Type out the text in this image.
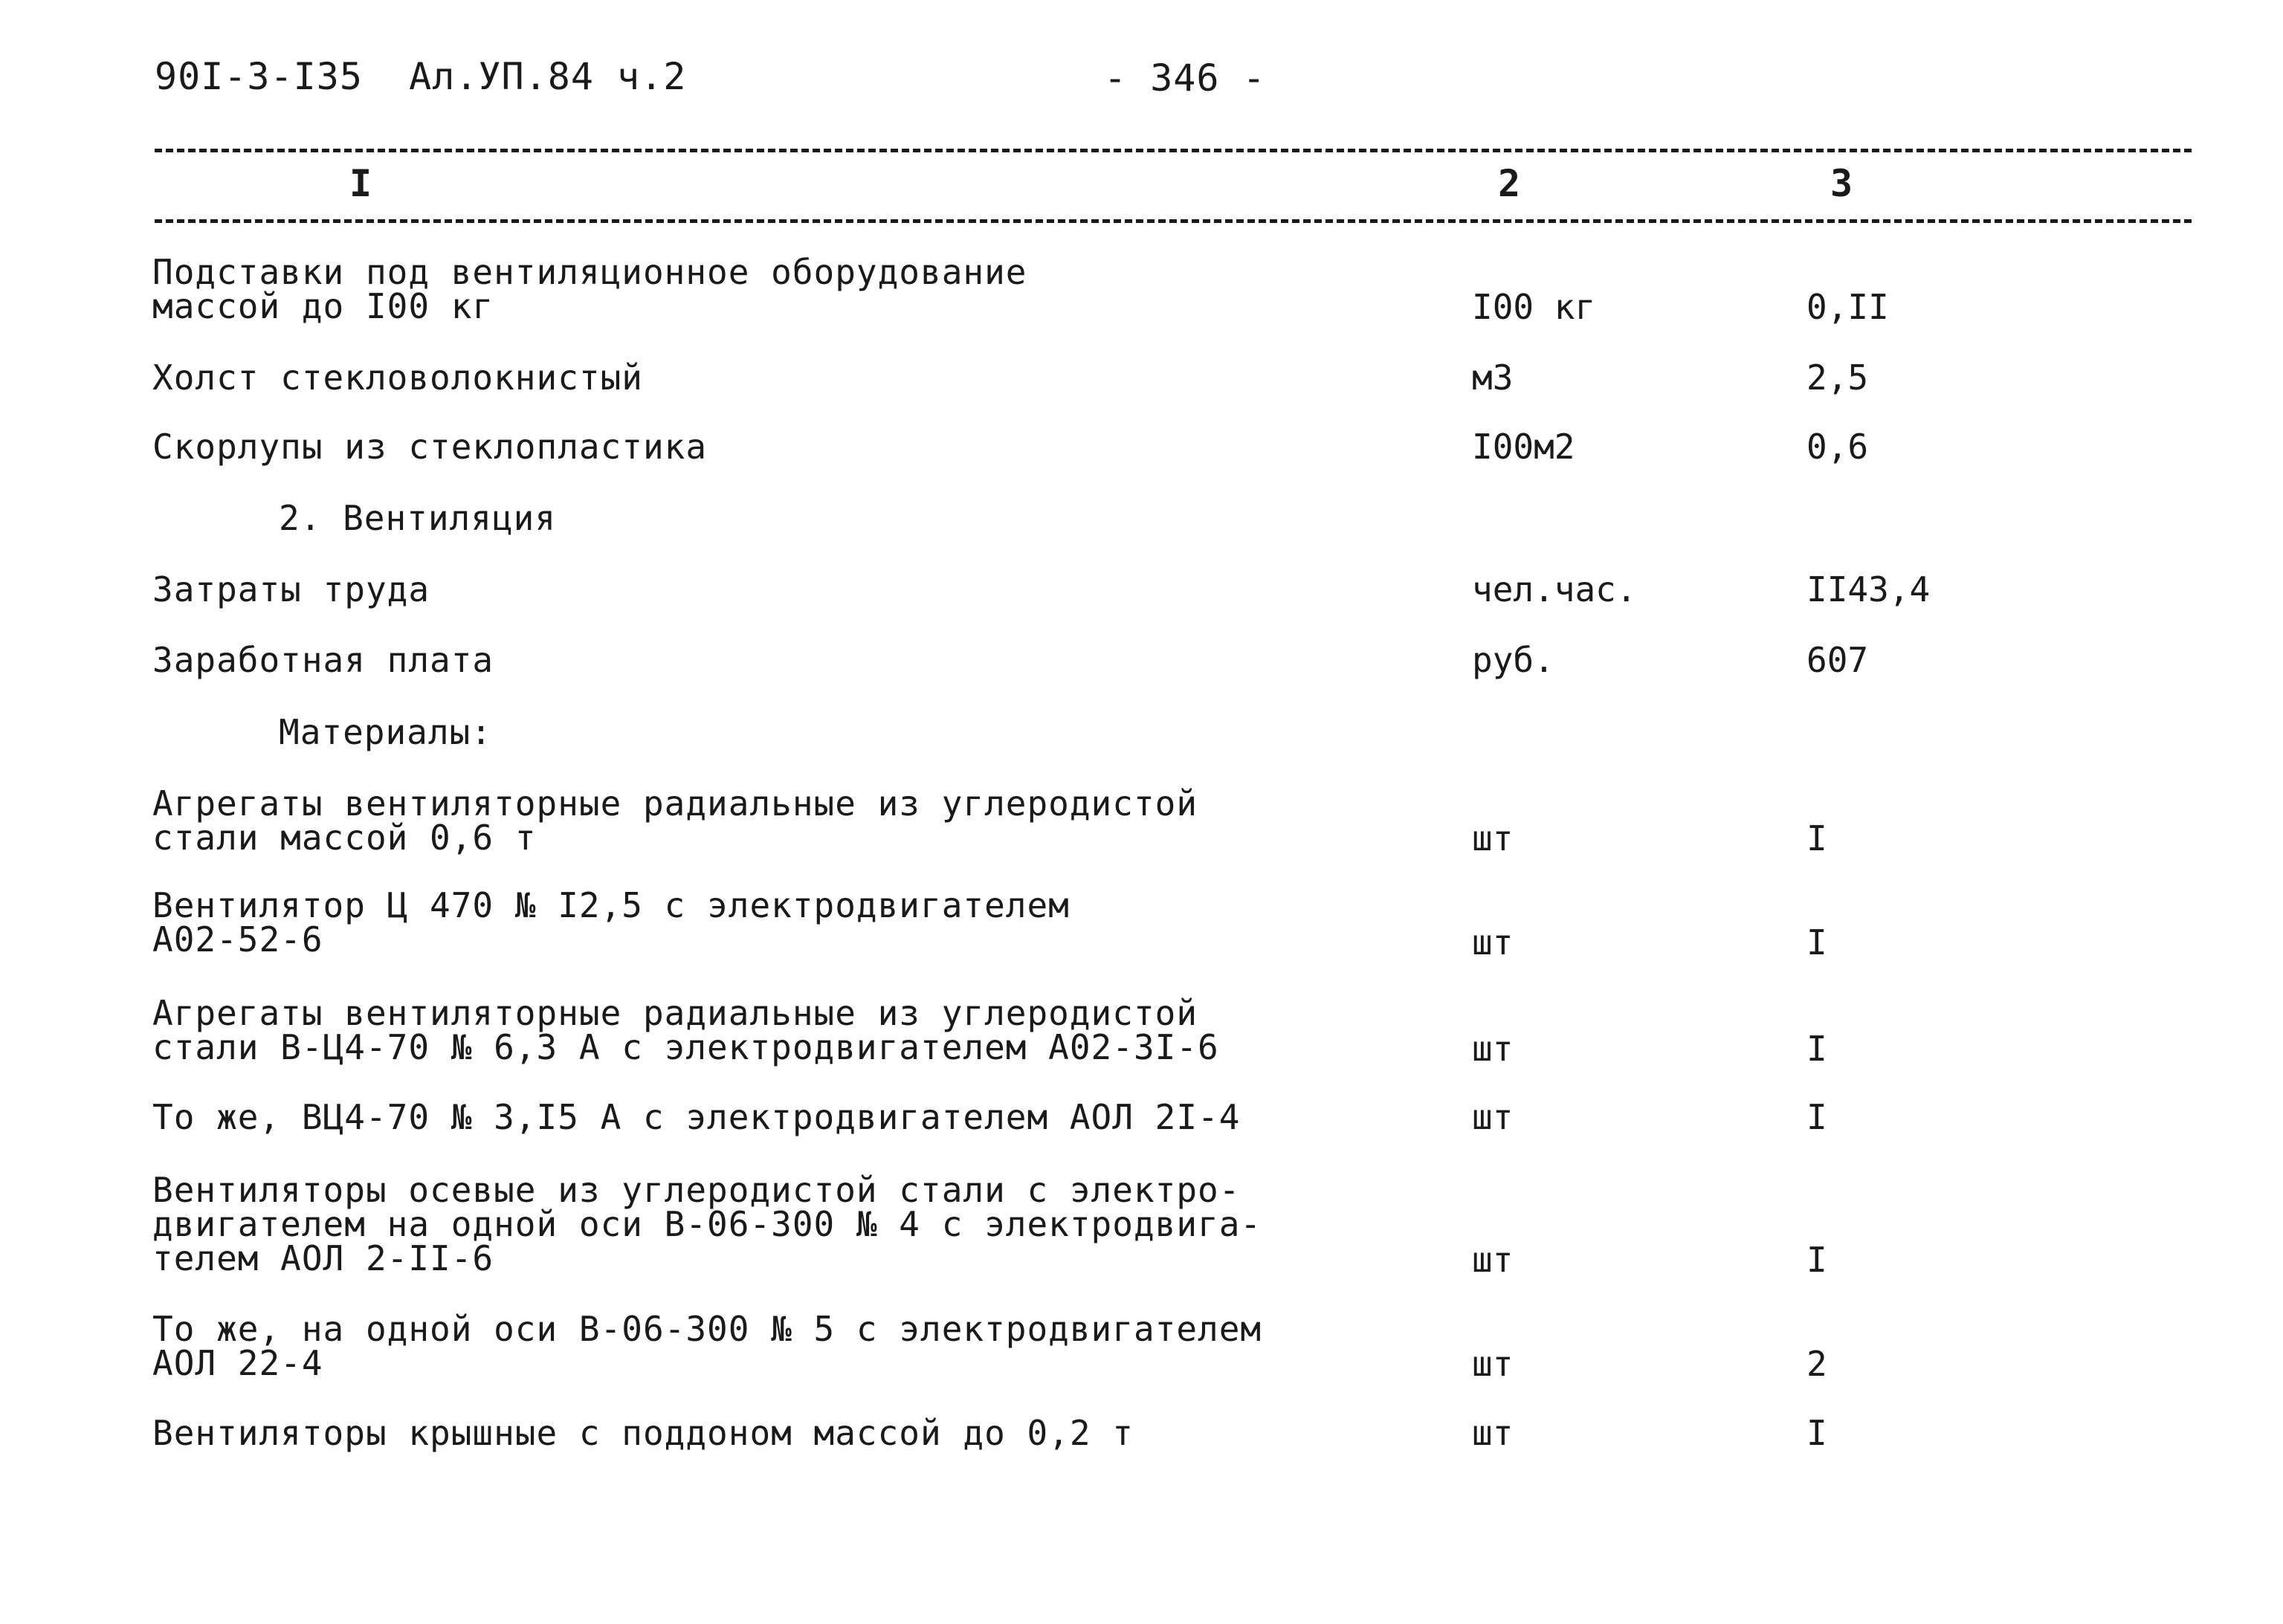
90I-3-I35  Ал.УП.84 ч.2	- 346 -
I	2	3
Подставки под вентиляционное оборудование
массой до I00 кг	I00 кг	0,II
Холст стекловолокнистый	м3	2,5
Скорлупы из стеклопластика	I00м2	0,6
2. Вентиляция
Затраты труда	чел.час.	II43,4
Заработная плата	руб.	607
Материалы:
Агрегаты вентиляторные радиальные из углеродистой
стали массой 0,6 т	шт	I
Вентилятор Ц 470 № I2,5 с электродвигателем
А02-52-6	шт	I
Агрегаты вентиляторные радиальные из углеродистой
стали В-Ц4-70 № 6,3 А с электродвигателем А02-3I-6	шт	I
То же, ВЦ4-70 № 3,I5 А с электродвигателем АОЛ 2I-4	шт	I
Вентиляторы осевые из углеродистой стали с электро-
двигателем на одной оси В-06-300 № 4 с электродвига-
телем АОЛ 2-II-6	шт	I
То же, на одной оси В-06-300 № 5 с электродвигателем
АОЛ 22-4	шт	2
Вентиляторы крышные с поддоном массой до 0,2 т	шт	I
